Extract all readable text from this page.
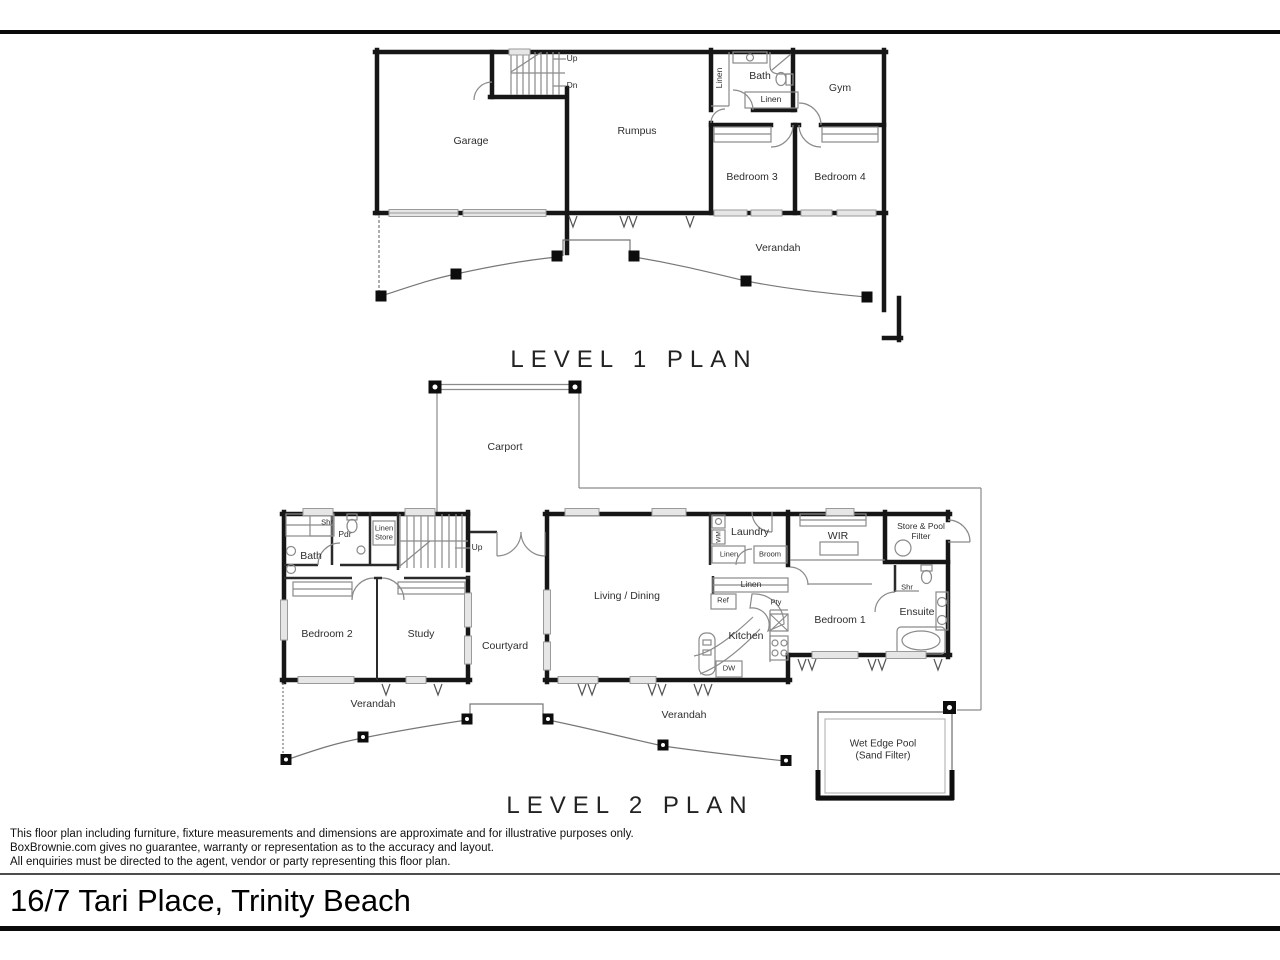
Garage
Up
Dn
Rumpus
Linen Bath
Linen
Gym
Bedroom 3	Bedroom 4
Verandah
LEVEL 1 PLAN
Carport
Shr
Pdr
Linen Store
Bath
Up
Bedroom 2	Study
Courtyard
Living / Dining
Laundry
WM
Linen	Broom
WIR
Store & Pool Filter
Linen
Ref	Pty
Kitchen
DW
Bedroom 1
Shr
Ensuite
Verandah
Verandah
Wet Edge Pool
(Sand Filter)
LEVEL 2 PLAN
This floor plan including furniture, fixture measurements and dimensions are approximate and for illustrative purposes only.
BoxBrownie.com gives no guarantee, warranty or representation as to the accuracy and layout.
All enquiries must be directed to the agent, vendor or party representing this floor plan.
16/7 Tari Place, Trinity Beach
